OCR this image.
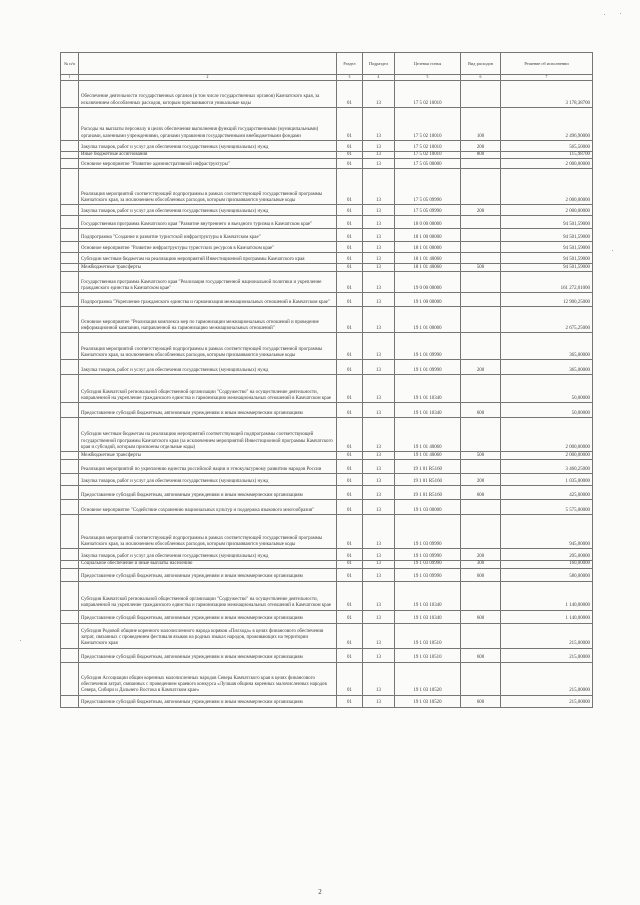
№ п/п		Раздел	Подраздел	Целевая статья	Вид расходов	Решение об исполнении
1	2	3	4	5	6	7
	Обеспечение деятельности государственных органов (в том числе государственных органов) Камчатского края, за исключением обособленных расходов, которым присваиваются уникальные коды	01	13	17 5 02 10010		3 178,38700
	Расходы на выплаты персоналу в целях обеспечения выполнения функций государственными (муниципальными) органами, казенными учреждениями, органами управления государственными внебюджетными фондами	01	13	17 5 02 10010	100	2 496,90000
	Закупка товаров, работ и услуг для обеспечения государственных (муниципальных) нужд	01	13	17 5 02 10010	200	565,50000
	Иные бюджетные ассигнования	01	13	17 5 02 10010	800	115,98700
	Основное мероприятие "Развитие административной инфраструктуры"	01	13	17 5 05 00000		2 000,00000
	Реализация мероприятий соответствующей подпрограммы в рамках соответствующей государственной программы Камчатского края, за исключением обособленных расходов, которым присваиваются уникальные коды	01	13	17 5 05 09990		2 000,00000
	Закупка товаров, работ и услуг для обеспечения государственных (муниципальных) нужд	01	13	17 5 05 09990	200	2 000,00000
	Государственная программа Камчатского края "Развитие внутреннего и въездного туризма в Камчатском крае"	01	13	18 0 00 00000		94 501,59000
	Подпрограмма "Создание и развитие туристской инфраструктуры в Камчатском крае"	01	13	18 1 00 00000		94 501,59000
	Основное мероприятие "Развитие инфраструктуры туристских ресурсов в Камчатском крае"	01	13	18 1 01 00000		94 501,59000
	Субсидии местным бюджетам на реализацию мероприятий Инвестиционной программы Камчатского края	01	13	18 1 01 40060		94 501,59000
	Межбюджетные трансферты	01	13	18 1 01 40060	500	94 501,59000
	Государственная программа Камчатского края "Реализация государственной национальной политики и укрепление гражданского единства в Камчатском крае"	01	13	19 0 00 00000		161 272,01000
	Подпрограмма "Укрепление гражданского единства и гармонизация межнациональных отношений в Камчатском крае"	01	13	19 1 00 00000		12 900,25000
	Основное мероприятие "Реализация комплекса мер по гармонизации межнациональных отношений и проведение информационной кампании, направленной на гармонизацию межнациональных отношений"	01	13	19 1 01 00000		2 675,25000
	Реализация мероприятий соответствующей подпрограммы в рамках соответствующей государственной программы Камчатского края, за исключением обособленных расходов, которым присваиваются уникальные коды	01	13	19 1 01 09990		365,00000
	Закупка товаров, работ и услуг для обеспечения государственных (муниципальных) нужд	01	13	19 1 01 09990	200	365,00000
	Субсидия Камчатской региональной общественной организации "Содружество" на осуществление деятельности, направленной на укрепление гражданского единства и гармонизацию межнациональных отношений в Камчатском крае	01	13	19 1 01 10340		50,00000
	Предоставление субсидий бюджетным, автономным учреждениям и иным некоммерческим организациям	01	13	19 1 01 10340	600	50,00000
	Субсидии местным бюджетам на реализацию мероприятий соответствующей подпрограммы соответствующей государственной программы Камчатского края (за исключением мероприятий Инвестиционной программы Камчатского края и субсидий, которым присвоены отдельные коды)	01	13	19 1 01 40060		2 000,00000
	Межбюджетные трансферты	01	13	19 1 01 40060	500	2 000,00000
	Реализация мероприятий по укреплению единства российской нации и этнокультурному развитию народов России	01	13	19 1 01 R5160		3 460,25000
	Закупка товаров, работ и услуг для обеспечения государственных (муниципальных) нужд	01	13	19 1 01 R5160	200	1 035,00000
	Предоставление субсидий бюджетным, автономным учреждениям и иным некоммерческим организациям	01	13	19 1 01 R5160	600	425,00000
	Основное мероприятие "Содействие сохранению национальных культур и поддержка языкового многообразия"	01	13	19 1 03 00000		5 575,00000
	Реализация мероприятий соответствующей подпрограммы в рамках соответствующей государственной программы Камчатского края, за исключением обособленных расходов, которым присваиваются уникальные коды	01	13	19 1 03 09990		945,00000
	Закупка товаров, работ и услуг для обеспечения государственных (муниципальных) нужд	01	13	19 1 03 09990	200	205,00000
	Социальное обеспечение и иные выплаты населению	01	13	19 1 03 09990	300	160,00000
	Предоставление субсидий бюджетным, автономным учреждениям и иным некоммерческим организациям	01	13	19 1 03 09990	600	580,00000
	Субсидия Камчатской региональной общественной организации "Содружество" на осуществление деятельности, направленной на укрепление гражданского единства и гармонизацию межнациональных отношений в Камчатском крае	01	13	19 1 03 10340		1 140,00000
	Предоставление субсидий бюджетным, автономным учреждениям и иным некоммерческим организациям	01	13	19 1 03 10340	600	1 140,00000
	Субсидия Родовой общине коренного малочисленного народа коряков «Пилхода» в целях финансового обеспечения затрат, связанных с проведением фестиваля языков на родных языках народов, проживающих на территории Камчатского края	01	13	19 1 03 10510		215,00000
	Предоставление субсидий бюджетным, автономным учреждениям и иным некоммерческим организациям	01	13	19 1 03 10510	600	215,00000
	Субсидия Ассоциации общин коренных малочисленных народов Севера Камчатского края в целях финансового обеспечения затрат, связанных с проведением краевого конкурса «Лучшая община коренных малочисленных народов Севера, Сибири и Дальнего Востока в Камчатском крае»	01	13	19 1 03 10520		215,00000
	Предоставление субсидий бюджетным, автономным учреждениям и иным некоммерческим организациям	01	13	19 1 03 10520	600	215,00000
2
